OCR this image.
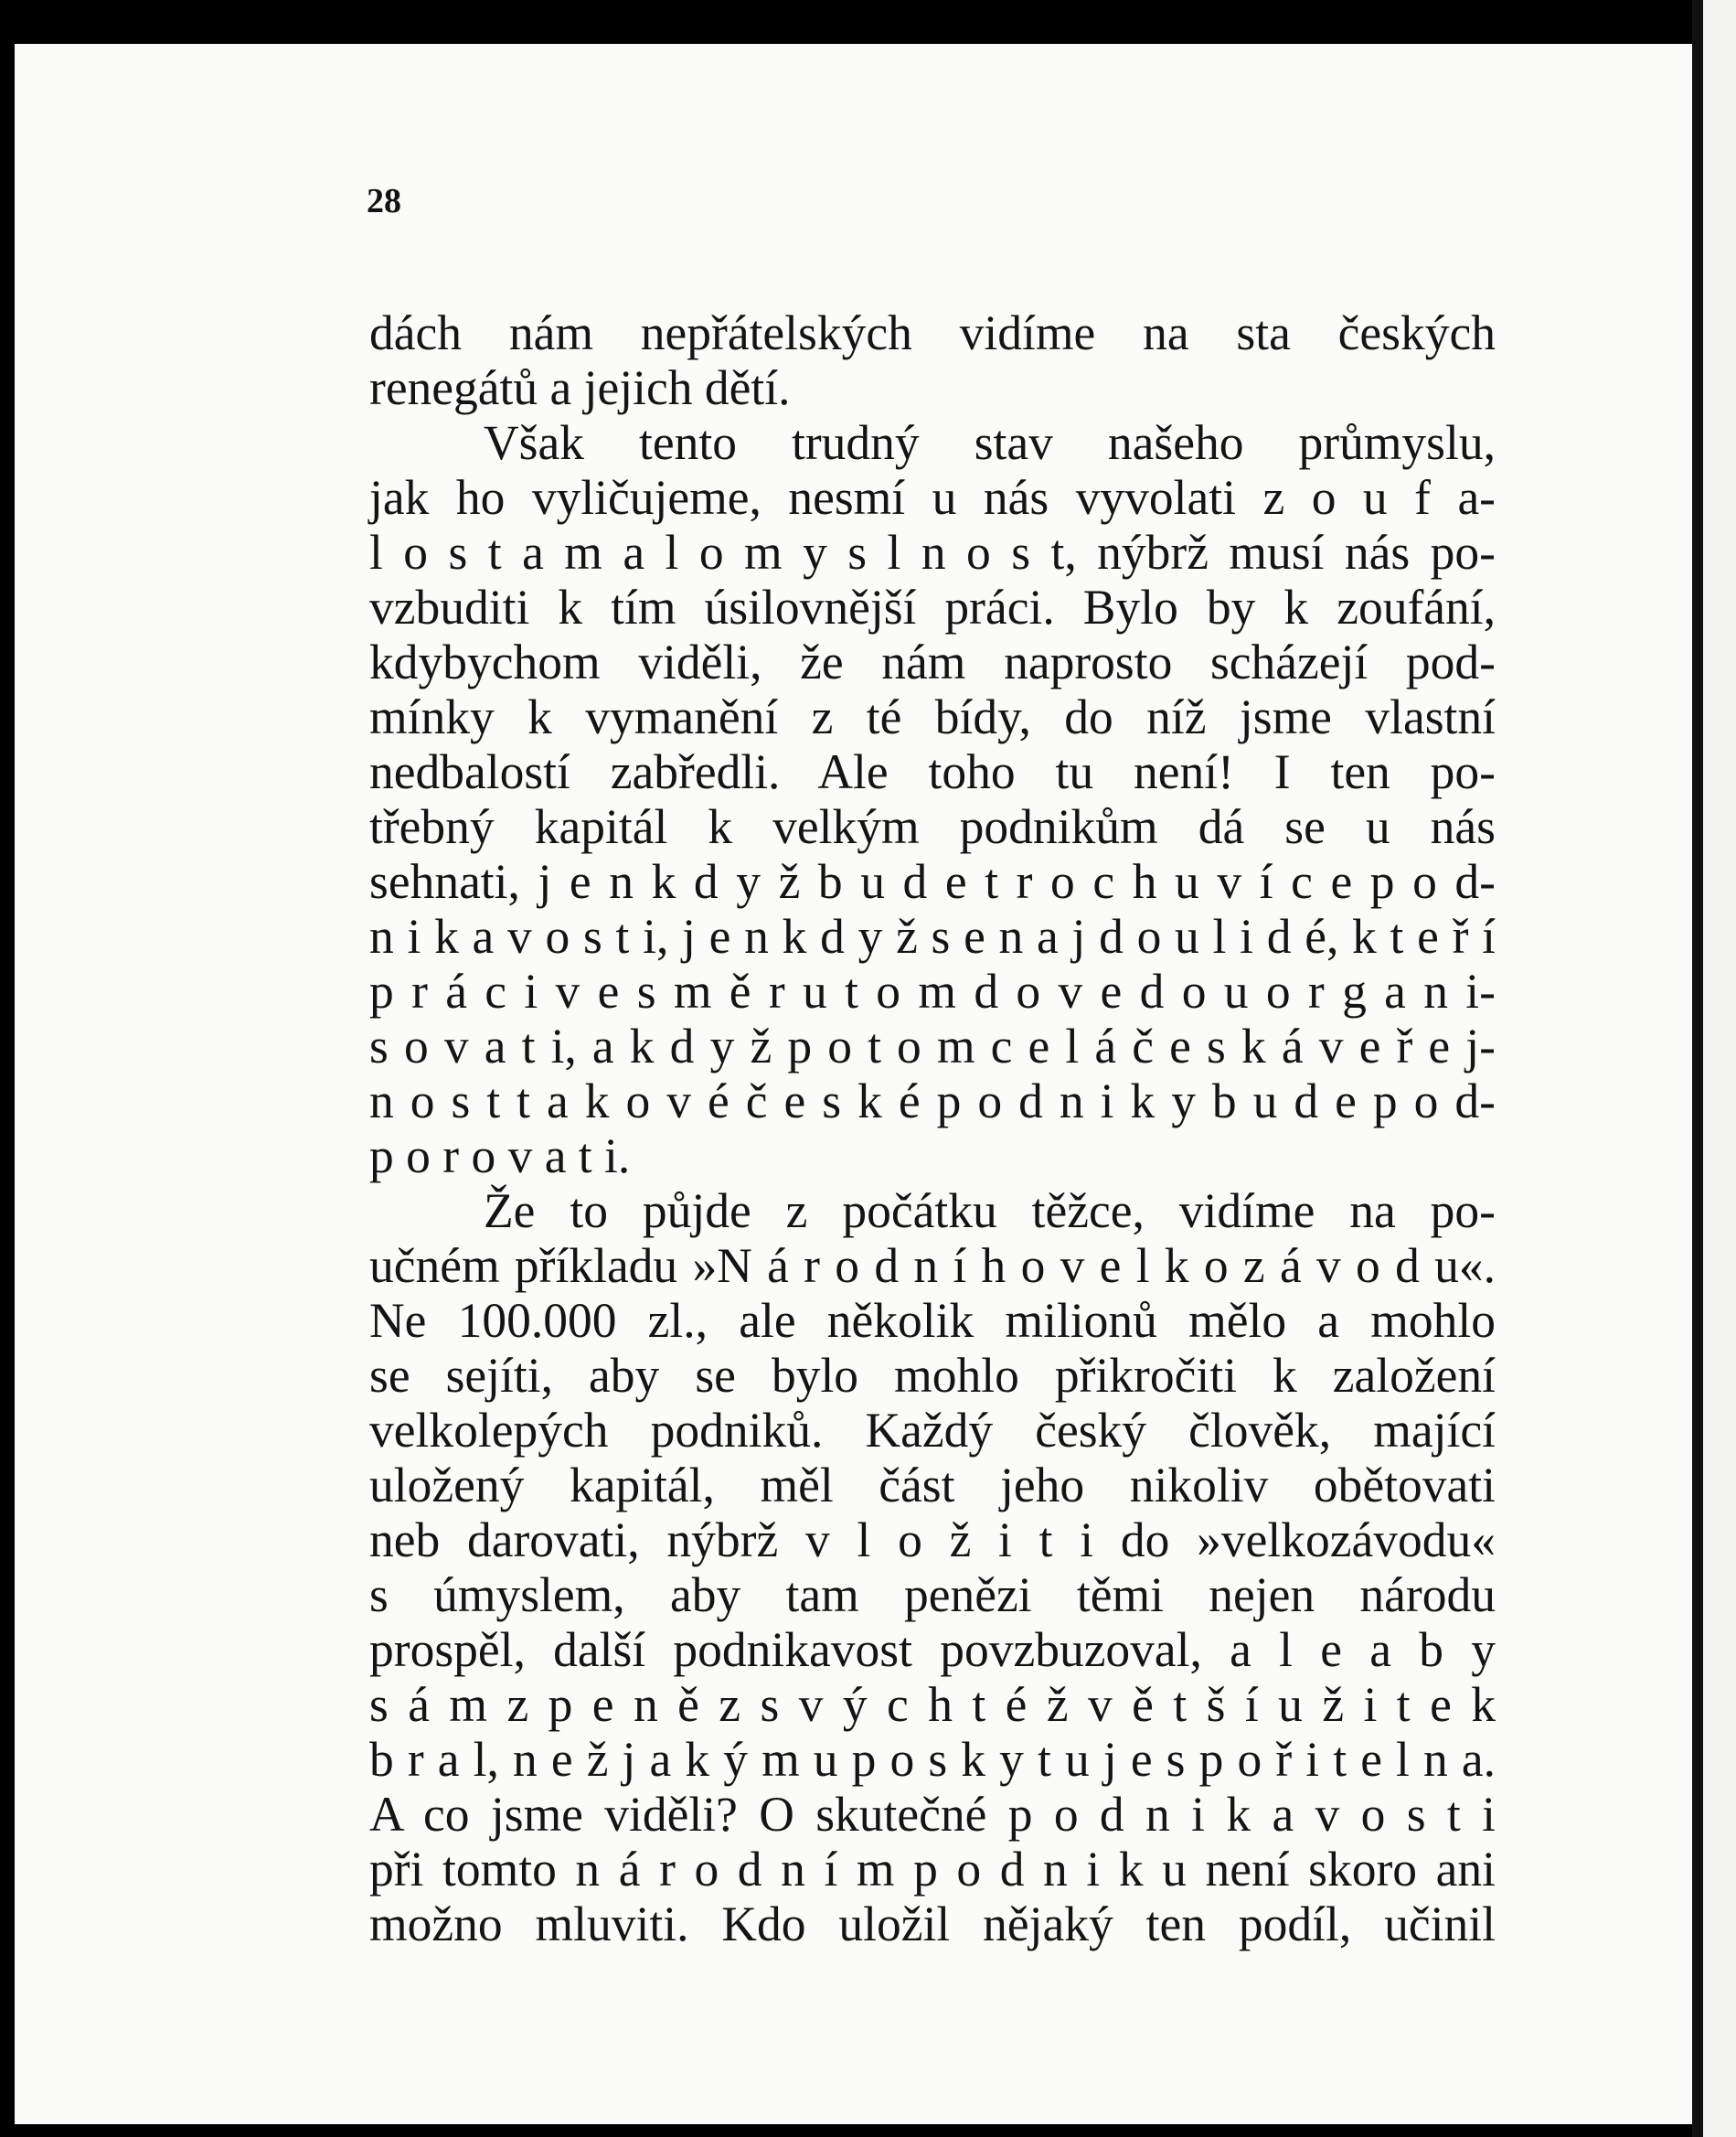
28
dách nám nepřátelských vidíme na sta českých
renegátů a jejich dětí.
Však tento trudný stav našeho průmyslu,
jak ho vyličujeme, nesmí u nás vyvolati z o u f a-
l o s t a m a l o m y s l n o s t, nýbrž musí nás po-
vzbuditi k tím úsilovnější práci. Bylo by k zoufání,
kdybychom viděli, že nám naprosto scházejí pod-
mínky k vymanění z té bídy, do níž jsme vlastní
nedbalostí zabředli. Ale toho tu není! I ten po-
třebný kapitál k velkým podnikům dá se u nás
sehnati, j e n k d y ž b u d e t r o c h u v í c e p o d-
n i k a v o s t i, j e n k d y ž s e n a j d o u l i d é, k t e ř í
p r á c i v e s m ě r u t o m d o v e d o u o r g a n i-
s o v a t i, a k d y ž p o t o m c e l á č e s k á v e ř e j-
n o s t t a k o v é č e s k é p o d n i k y b u d e p o d-
p o r o v a t i.
Že to půjde z počátku těžce, vidíme na po-
učném příkladu »N á r o d n í h o v e l k o z á v o d u«.
Ne 100.000 zl., ale několik milionů mělo a mohlo
se sejíti, aby se bylo mohlo přikročiti k založení
velkolepých podniků. Každý český člověk, mající
uložený kapitál, měl část jeho nikoliv obětovati
neb darovati, nýbrž v l o ž i t i do »velkozávodu«
s úmyslem, aby tam penězi těmi nejen národu
prospěl, další podnikavost povzbuzoval, a l e a b y
s á m z p e n ě z s v ý c h t é ž v ě t š í u ž i t e k
b r a l, n e ž j a k ý m u p o s k y t u j e s p o ř i t e l n a.
A co jsme viděli? O skutečné p o d n i k a v o s t i
při tomto n á r o d n í m p o d n i k u není skoro ani
možno mluviti. Kdo uložil nějaký ten podíl, učinil
